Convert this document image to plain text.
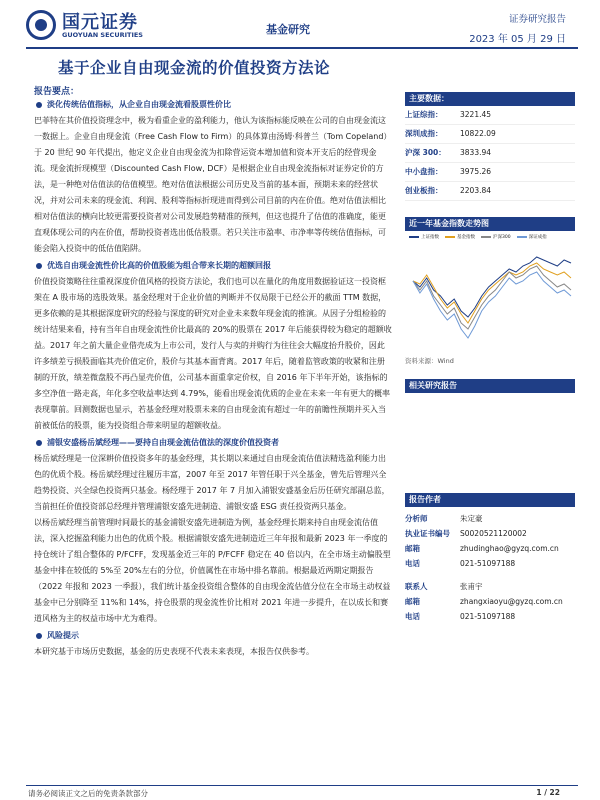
国元证券
GUOYUAN SECURITIES	基金研究
证券研究报告
2023 年 05 月 29 日
基于企业自由现金流的价值投资方法论
报告要点：

淡化传统估值指标，从企业自由现金流看股票性价比

巴菲特在其价值投资理念中，极为看重企业的盈利能力，他认为该指标能反映在公司的自由现金流这一数据上。企业自由现金流（Free Cash Flow to Firm）的具体算由汤姆·科普兰（Tom Copeland）于 20 世纪 90 年代提出，他定义企业自由现金流为扣除营运资本增加值和资本开支后的经营现金流。现金流折现模型（Discounted Cash Flow, DCF）是根据企业自由现金流指标对证券定价的方法，是一种绝对估值法的估值模型。绝对估值法根据公司历史及当前的基本面，预期未来的经营状况，并对公司未来的现金流、利润、股利等指标折现进而得到公司目前的内在价值。绝对估值法相比相对估值法的横向比较更需要投资者对公司发展趋势精准的预判，但这也提升了估值的准确度，能更直观体现公司的内在价值，帮助投资者选出低估股票。若只关注市盈率、市净率等传统估值指标，可能会陷入投资中的低估值陷阱。

优选自由现金流性价比高的价值股能为组合带来长期的超额回报

价值投资策略往往重视深度价值风格的投资方法论，我们也可以在量化的角度用数据验证这一投资框架在 A 股市场的选股效果。基金经理对于企业价值的判断并不仅局限于已经公开的截面 TTM 数据，更多依赖的是其根据深度研究的经验与深度的研究对企业未来数年现金流的推演。从因子分组检验的统计结果来看，持有当年自由现金流性价比最高的 20%的股票在 2017 年后能获得较为稳定的超额收益。2017 年之前大量企业借壳成为上市公司，发行人与卖的并购行为往往会大幅度抬升股价，因此许多绩差亏损股面临其壳价值定价，股价与其基本面背离。2017 年后，随着监管政策的收紧和注册制的开放，绩差微盘股不再凸显壳价值，公司基本面重拿定价权，自 2016 年下半年开始，该指标的多空净值一路走高，年化多空收益率达到 4.79%，能看出现金流优质的企业在未来一年有更大的概率表现靠前。回测数据也显示，若基金经理对股票未来的自由现金流有超过一年的前瞻性预期并买入当前被低估的股票，能为投资组合带来明显的超额收益。

浦银安盛杨岳斌经理——要持自由现金流估值法的深度价值投资者

杨岳斌经理是一位深耕价值投资多年的基金经理，其长期以来通过自由现金流估值法精选盈利能力出色的优质个股。杨岳斌经理过往履历丰富，2007 年至 2017 年管任职于兴全基金，曾先后管理兴全趋势投资、兴全绿色投资两只基金。杨经理于 2017 年 7 月加入浦银安盛基金后历任研究部副总监，当前担任价值投资部总经理并管理浦银安盛先进制造、浦银安盛 ESG 责任投资两只基金。

以杨岳斌经理当前管理时间最长的基金浦银安盛先进制造为例，基金经理长期来持自由现金流估值法，深入挖掘盈利能力出色的优质个股。根据浦银安盛先进制造近三年年报和最新 2023 年一季度的持仓统计了组合整体的 P/FCFF，发现基金近三年的 P/FCFF 稳定在 40 倍以内，在全市场主动偏股型基金中排在较低的 5%至 20%左右的分位，价值属性在市场中排名靠前。根据最近两期定期报告（2022 年报和 2023 一季报），我们统计基金投资组合整体的自由现金流估值分位在全市场主动权益基金中已分别降至 11%和 14%，持仓股票的现金流性价比相对 2021 年进一步提升，在以成长和赛道风格为主的权益市场中尤为难得。

风险提示

本研究基于市场历史数据，基金的历史表现不代表未来表现，本报告仅供参考。

主要数据：
上证综指：	3221.45
深圳成指：	10822.09
沪深 300：	3833.94
中小盘指：	3975.26
创业板指：	2203.84
近一年基金指数走势图
上证指数	基金指数	沪深300	深证成指
资料来源：Wind
相关研究报告
报告作者
分析师	朱定豪
执业证书编号	S0020521120002
邮箱	zhudinghao@gyzq.com.cn
电话	021-51097188
联系人	张甫宇
邮箱	zhangxiaoyu@gyzq.com.cn
电话	021-51097188
请务必阅读正文之后的免责条款部分	1 / 22
